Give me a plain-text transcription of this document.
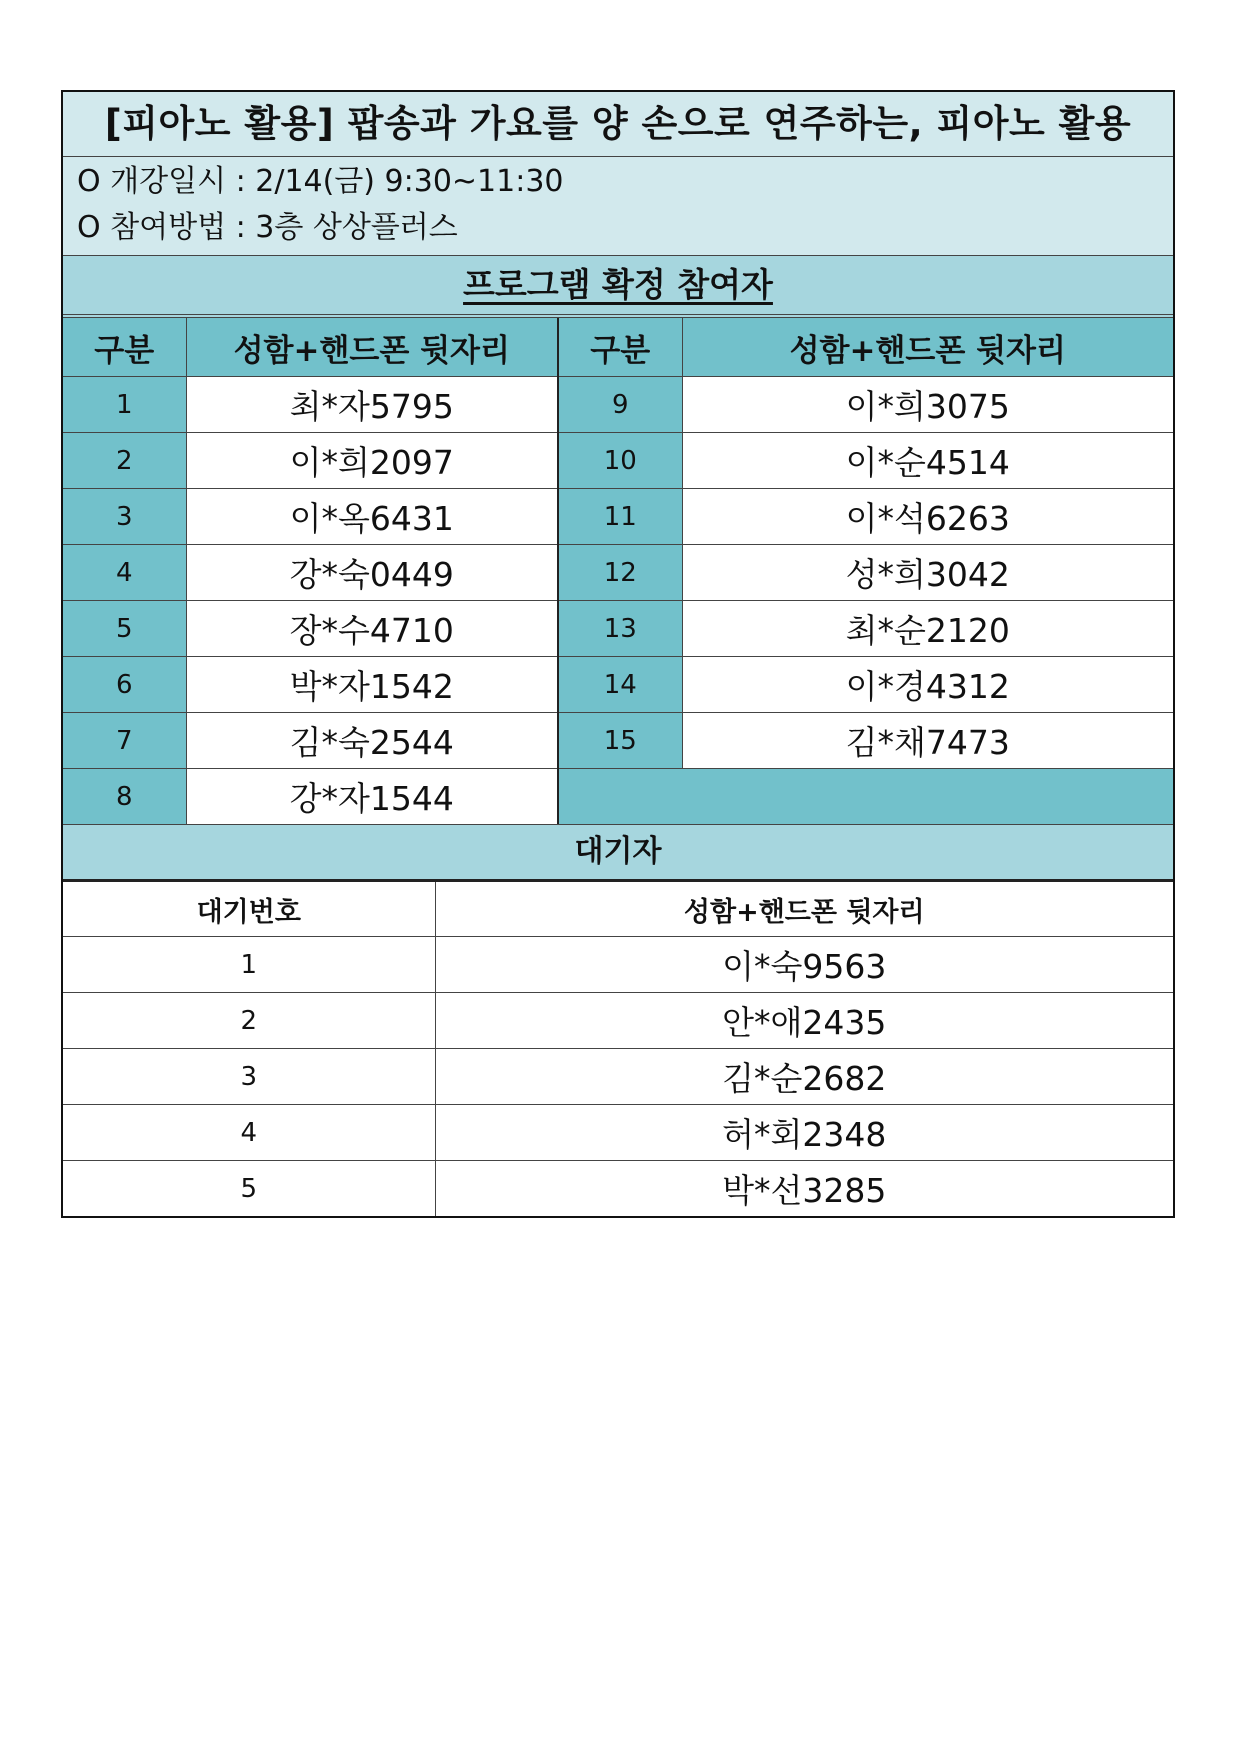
[피아노 활용] 팝송과 가요를 양 손으로 연주하는, 피아노 활용
O 개강일시 : 2/14(금) 9:30~11:30
O 참여방법 : 3층 상상플러스
프로그램 확정 참여자
구분	성함+핸드폰 뒷자리	구분	성함+핸드폰 뒷자리
1	최*자5795	9	이*희3075
2	이*희2097	10	이*순4514
3	이*옥6431	11	이*석6263
4	강*숙0449	12	성*희3042
5	장*수4710	13	최*순2120
6	박*자1542	14	이*경4312
7	김*숙2544	15	김*채7473
8	강*자1544		
대기자
대기번호	성함+핸드폰 뒷자리
1	이*숙9563
2	안*애2435
3	김*순2682
4	허*회2348
5	박*선3285
